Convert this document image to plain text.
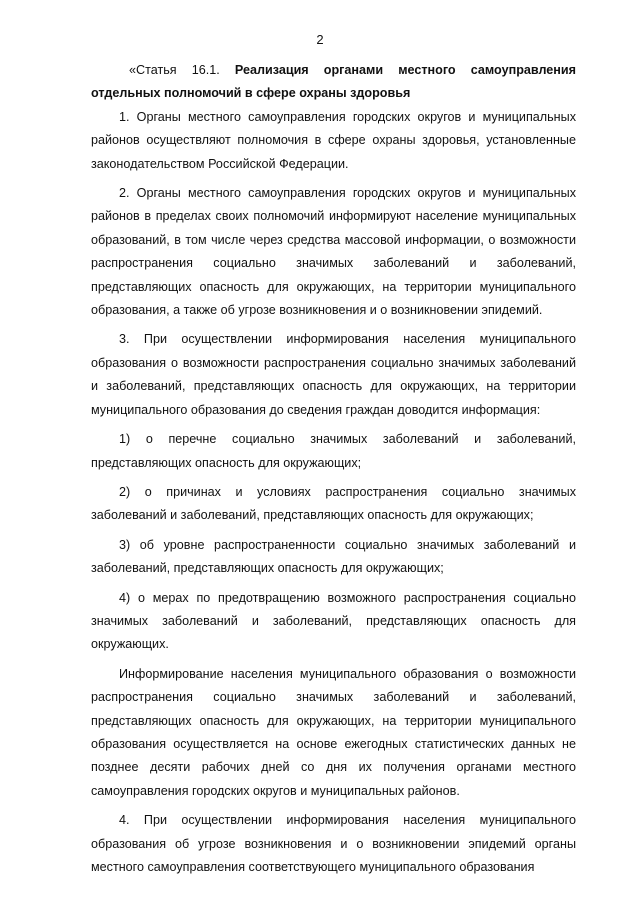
2

«Статья 16.1. Реализация органами местного самоуправления отдельных полномочий в сфере охраны здоровья

1. Органы местного самоуправления городских округов и муниципальных районов осуществляют полномочия в сфере охраны здоровья, установленные законодательством Российской Федерации.

2. Органы местного самоуправления городских округов и муниципальных районов в пределах своих полномочий информируют население муниципальных образований, в том числе через средства массовой информации, о возможности распространения социально значимых заболеваний и заболеваний, представляющих опасность для окружающих, на территории муниципального образования, а также об угрозе возникновения и о возникновении эпидемий.

3. При осуществлении информирования населения муниципального образования о возможности распространения социально значимых заболеваний и заболеваний, представляющих опасность для окружающих, на территории муниципального образования до сведения граждан доводится информация:

1) о перечне социально значимых заболеваний и заболеваний, представляющих опасность для окружающих;

2) о причинах и условиях распространения социально значимых заболеваний и заболеваний, представляющих опасность для окружающих;

3) об уровне распространенности социально значимых заболеваний и заболеваний, представляющих опасность для окружающих;

4) о мерах по предотвращению возможного распространения социально значимых заболеваний и заболеваний, представляющих опасность для окружающих.

Информирование населения муниципального образования о возможности распространения социально значимых заболеваний и заболеваний, представляющих опасность для окружающих, на территории муниципального образования осуществляется на основе ежегодных статистических данных не позднее десяти рабочих дней со дня их получения органами местного самоуправления городских округов и муниципальных районов.

4. При осуществлении информирования населения муниципального образования об угрозе возникновения и о возникновении эпидемий органы местного самоуправления соответствующего муниципального образования
